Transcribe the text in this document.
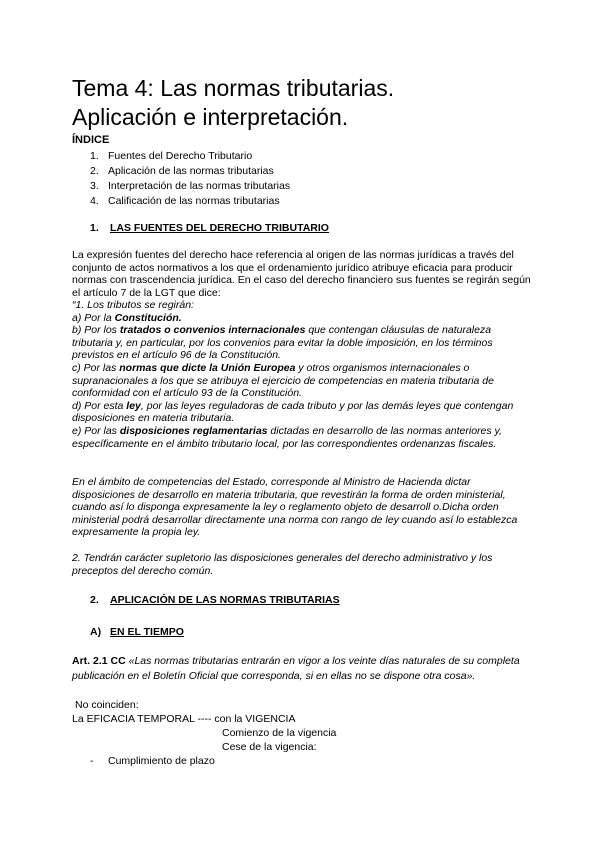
Tema 4: Las normas tributarias.
Aplicación e interpretación.
ÍNDICE
1. Fuentes del Derecho Tributario
2. Aplicación de las normas tributarias
3. Interpretación de las normas tributarias
4. Calificación de las normas tributarias
1. LAS FUENTES DEL DERECHO TRIBUTARIO
La expresión fuentes del derecho hace referencia al origen de las normas jurídicas a través del conjunto de actos normativos a los que el ordenamiento jurídico atribuye eficacia para producir normas con trascendencia jurídica. En el caso del derecho financiero sus fuentes se regirán según el artículo 7 de la LGT que dice:
“1. Los tributos se regirán:
a) Por la Constitución.
b) Por los tratados o convenios internacionales que contengan cláusulas de naturaleza tributaria y, en particular, por los convenios para evitar la doble imposición, en los términos previstos en el artículo 96 de la Constitución.
c) Por las normas que dicte la Unión Europea y otros organismos internacionales o supranacionales a los que se atribuya el ejercicio de competencias en materia tributaria de conformidad con el artículo 93 de la Constitución.
d) Por esta ley, por las leyes reguladoras de cada tributo y por las demás leyes que contengan disposiciones en materia tributaria.
e) Por las disposiciones reglamentarias dictadas en desarrollo de las normas anteriores y, específicamente en el ámbito tributario local, por las correspondientes ordenanzas fiscales.
En el ámbito de competencias del Estado, corresponde al Ministro de Hacienda dictar disposiciones de desarrollo en materia tributaria, que revestirán la forma de orden ministerial, cuando así lo disponga expresamente la ley o reglamento objeto de desarroll o.Dicha orden ministerial podrá desarrollar directamente una norma con rango de ley cuando así lo establezca expresamente la propia ley.
2. Tendrán carácter supletorio las disposiciones generales del derecho administrativo y los preceptos del derecho común.
2. APLICACIÓN DE LAS NORMAS TRIBUTARIAS
A) EN EL TIEMPO
Art. 2.1 CC «Las normas tributarias entrarán en vigor a los veinte días naturales de su completa publicación en el Boletín Oficial que corresponda, si en ellas no se dispone otra cosa».
No coinciden:
La EFICACIA TEMPORAL ---- con la VIGENCIA
Comienzo de la vigencia
Cese de la vigencia:
- Cumplimiento de plazo
